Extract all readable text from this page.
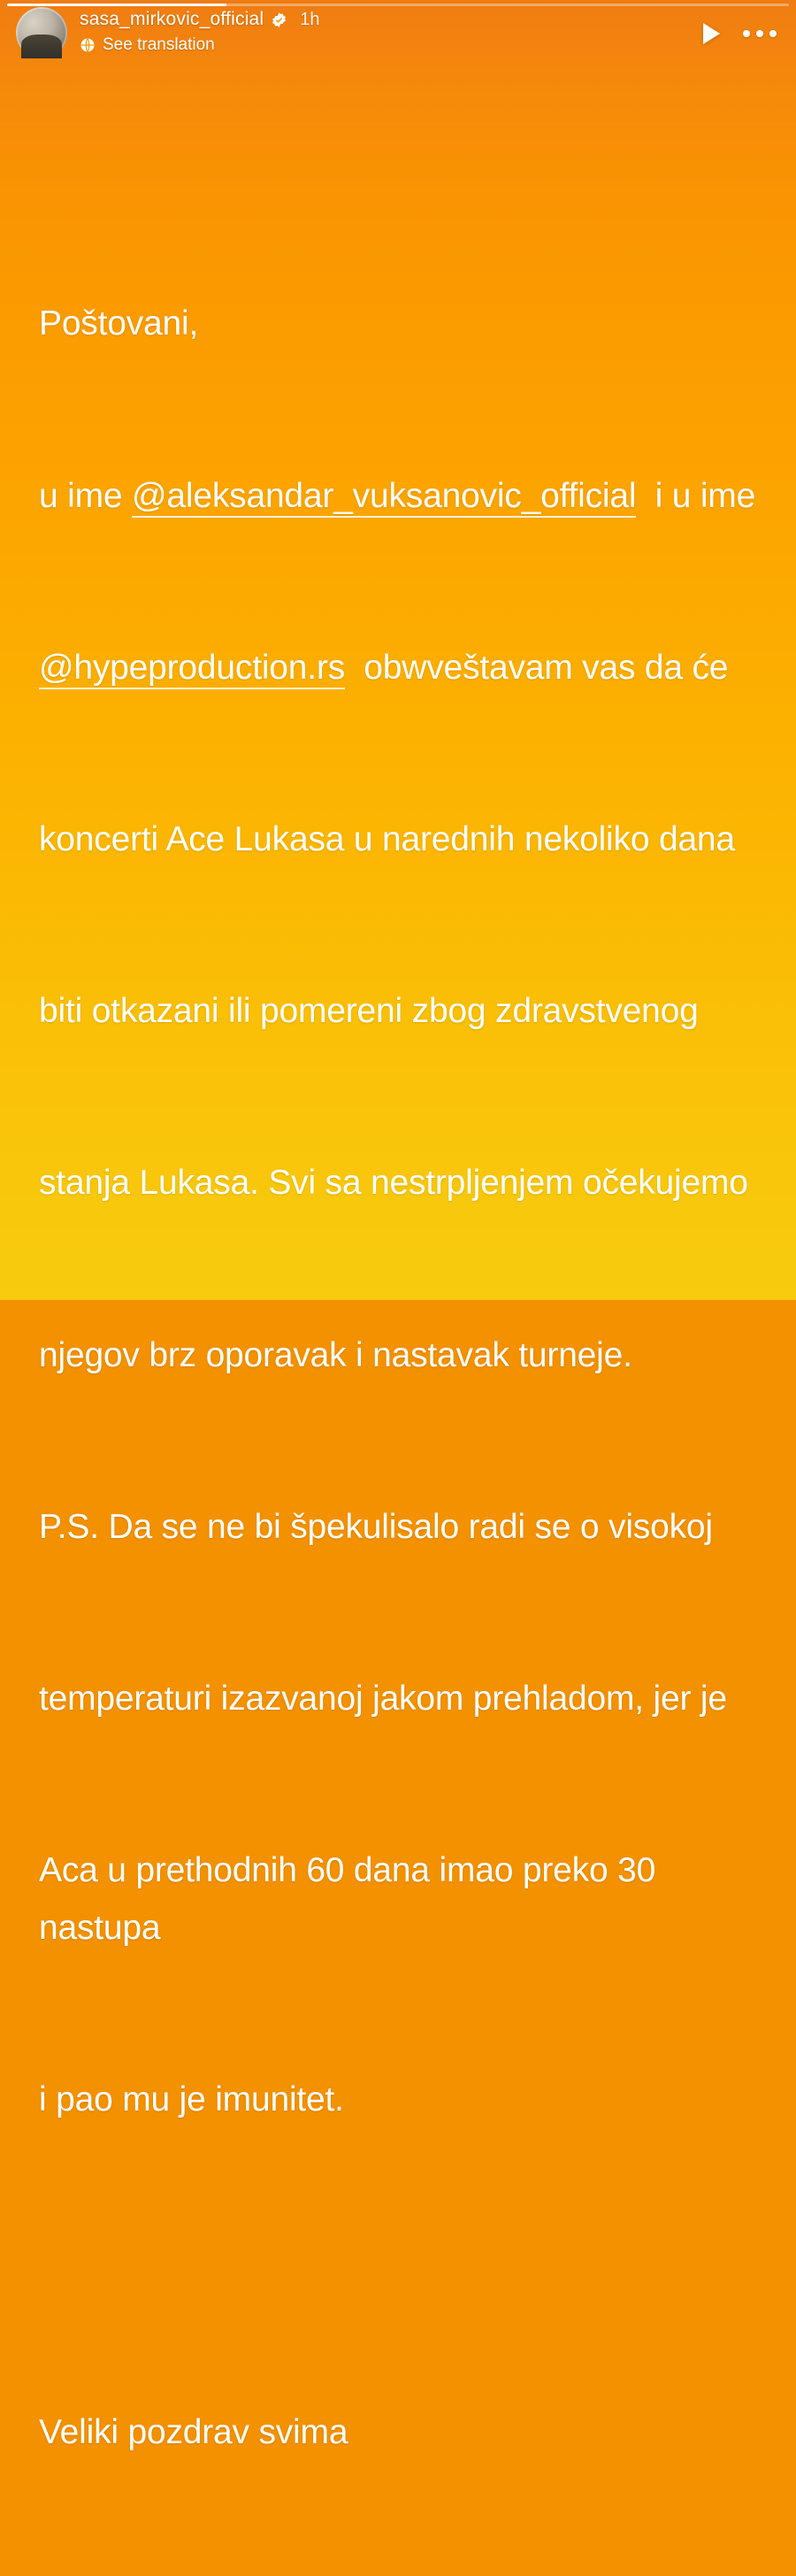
sasa_mirkovic_official 1h
See translation

Poštovani,

u ime @aleksandar_vuksanovic_official  i u ime

@hypeproduction.rs  obwveštavam vas da će

koncerti Ace Lukasa u narednih nekoliko dana

biti otkazani ili pomereni zbog zdravstvenog

stanja Lukasa. Svi sa nestrpljenjem očekujemo

njegov brz oporavak i nastavak turneje.

P.S. Da se ne bi špekulisalo radi se o visokoj

temperaturi izazvanoj jakom prehladom, jer je

Aca u prethodnih 60 dana imao preko 30 nastupa

i pao mu je imunitet.

Veliki pozdrav svima
